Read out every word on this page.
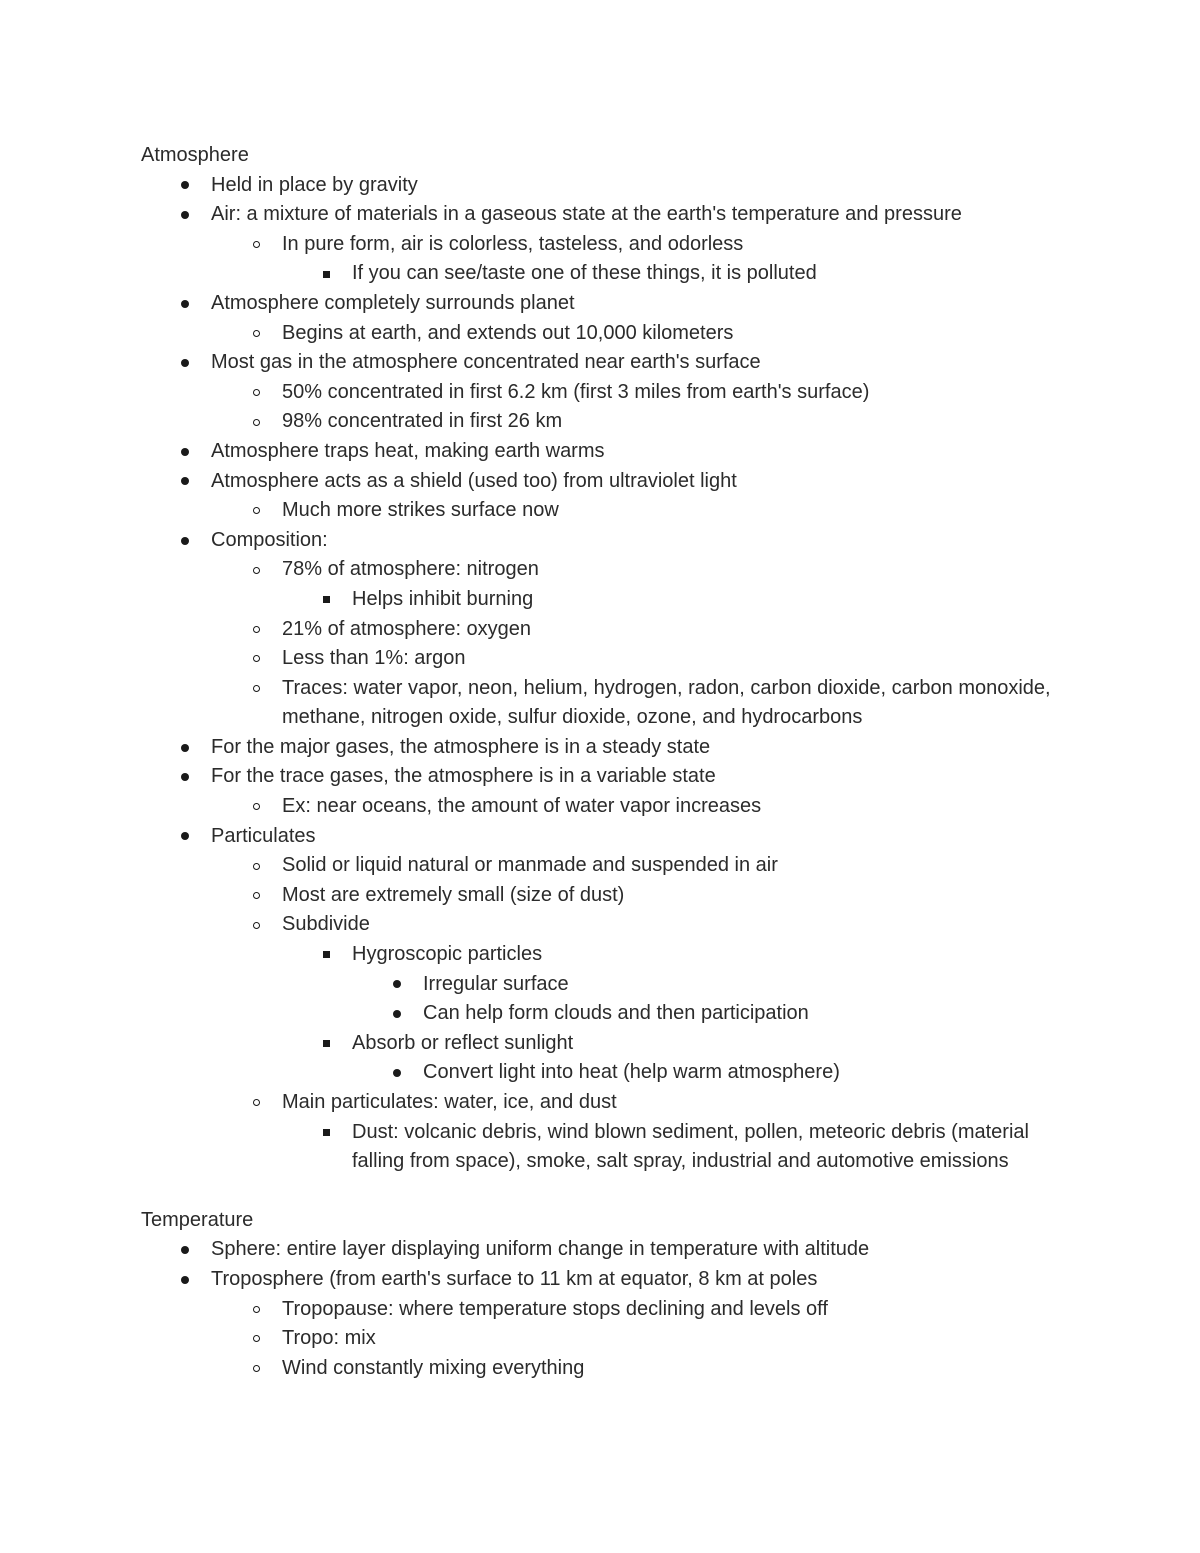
Atmosphere
Held in place by gravity
Air: a mixture of materials in a gaseous state at the earth's temperature and pressure
In pure form, air is colorless, tasteless, and odorless
If you can see/taste one of these things, it is polluted
Atmosphere completely surrounds planet
Begins at earth, and extends out 10,000 kilometers
Most gas in the atmosphere concentrated near earth's surface
50% concentrated in first 6.2 km (first 3 miles from earth's surface)
98% concentrated in first 26 km
Atmosphere traps heat, making earth warms
Atmosphere acts as a shield (used too) from ultraviolet light
Much more strikes surface now
Composition:
78% of atmosphere: nitrogen
Helps inhibit burning
21% of atmosphere: oxygen
Less than 1%: argon
Traces: water vapor, neon, helium, hydrogen, radon, carbon dioxide, carbon monoxide, methane, nitrogen oxide, sulfur dioxide, ozone, and hydrocarbons
For the major gases, the atmosphere is in a steady state
For the trace gases, the atmosphere is in a variable state
Ex: near oceans, the amount of water vapor increases
Particulates
Solid or liquid natural or manmade and suspended in air
Most are extremely small (size of dust)
Subdivide
Hygroscopic particles
Irregular surface
Can help form clouds and then participation
Absorb or reflect sunlight
Convert light into heat (help warm atmosphere)
Main particulates: water, ice, and dust
Dust: volcanic debris, wind blown sediment, pollen, meteoric debris (material falling from space), smoke, salt spray, industrial and automotive emissions
Temperature
Sphere: entire layer displaying uniform change in temperature with altitude
Troposphere (from earth's surface to 11 km at equator, 8 km at poles
Tropopause: where temperature stops declining and levels off
Tropo: mix
Wind constantly mixing everything
